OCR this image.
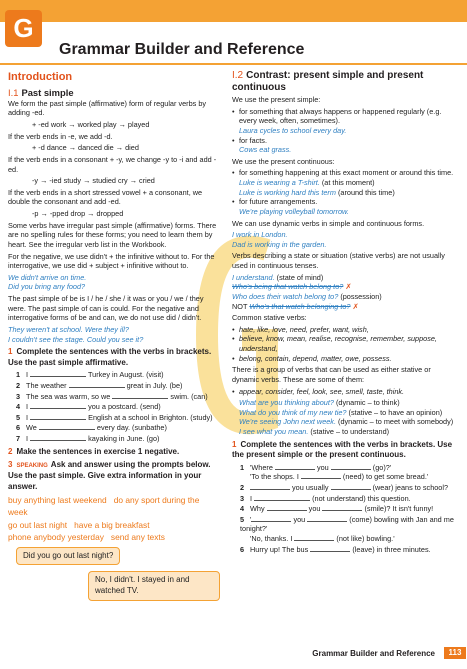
G
Grammar Builder and Reference
Introduction
I.1 Past simple

We form the past simple (affirmative) form of regular verbs by adding -ed.

+ -ed work → worked play → played

If the verb ends in -e, we add -d.

+ -d dance → danced die → died

If the verb ends in a consonant + -y, we change -y to -i and add -ed.

-y → -ied study → studied cry → cried

If the verb ends in a short stressed vowel + a consonant, we double the consonant and add -ed.

-p → -pped drop → dropped

Some verbs have irregular past simple (affirmative) forms. There are no spelling rules for these forms; you need to learn them by heart. See the irregular verb list in the Workbook.

For the negative, we use didn't + the infinitive without to. For the interrogative, we use did + subject + infinitive without to.

We didn't arrive on time.

Did you bring any food?

The past simple of be is I / he / she / it was or you / we / they were. The past simple of can is could. For the negative and interrogative forms of be and can, we do not use did / didn't.

They weren't at school. Were they ill?

I couldn't see the stage. Could you see it?

1 Complete the sentences with the verbs in brackets. Use the past simple affirmative.
1 I	Turkey in August. (visit)
2 The weather	great in July. (be)
3 The sea was warm, so we	swim. (can)
4 I	you a postcard. (send)
5 I	English at a school in Brighton. (study)
6 We	every day. (sunbathe)
7 I	kayaking in June. (go)
2 Make the sentences in exercise 1 negative.
3 SPEAKING Ask and answer using the prompts below. Use the past simple. Give extra information in your answer.
buy anything last weekend do any sport during the week
go out last night have a big breakfast
phone anybody yesterday send any texts
Did you go out last night?
No, I didn't. I stayed in and watched TV.
I.2 Contrast: present simple and present continuous

We use the present simple:

• for something that always happens or happened regularly (e.g. every week, often, sometimes).
Laura cycles to school every day.
• for facts.
Cows eat grass.

We use the present continuous:

• for something happening at this exact moment or around this time.
Luke is wearing a T-shirt. (at this moment)
Luke is working hard this term (around this time)
• for future arrangements.
We're playing volleyball tomorrow.

We can use dynamic verbs in simple and continuous forms.

I work in London.

Dad is working in the garden.

Verbs describing a state or situation (stative verbs) are not usually used in continuous tenses.

I understand. (state of mind)

Who's being that watch belong to? ✗

Who does their watch belong to? (possession)

NOT Who's that watch belonging to? ✗

Common stative verbs:

• hate, like, love, need, prefer, want, wish,
• believe, know, mean, realise, recognise, remember, suppose, understand,
• belong, contain, depend, matter, owe, possess.

There is a group of verbs that can be used as either stative or dynamic verbs. These are some of them:

• appear, consider, feel, look, see, smell, taste, think.

What are you thinking about? (dynamic – to think)

What do you think of my new tie? (stative – to have an opinion)

We're seeing John next week. (dynamic – to meet with somebody)

I see what you mean. (stative – to understand)

1 Complete the sentences with the verbs in brackets. Use the present simple or the present continuous.
1 'Where	you	(go)?'
'To the shops. I	(need) to get some bread.'
2	you usually	(wear) jeans to school?
3 I	(not understand) this question.
4 Why	you	(smile)? It isn't funny!
5 '	you	(come) bowling with Jan and me tonight?'
'No, thanks. I	(not like) bowling.'
6 Hurry up! The bus	(leave) in three minutes.
Grammar Builder and Reference	113
